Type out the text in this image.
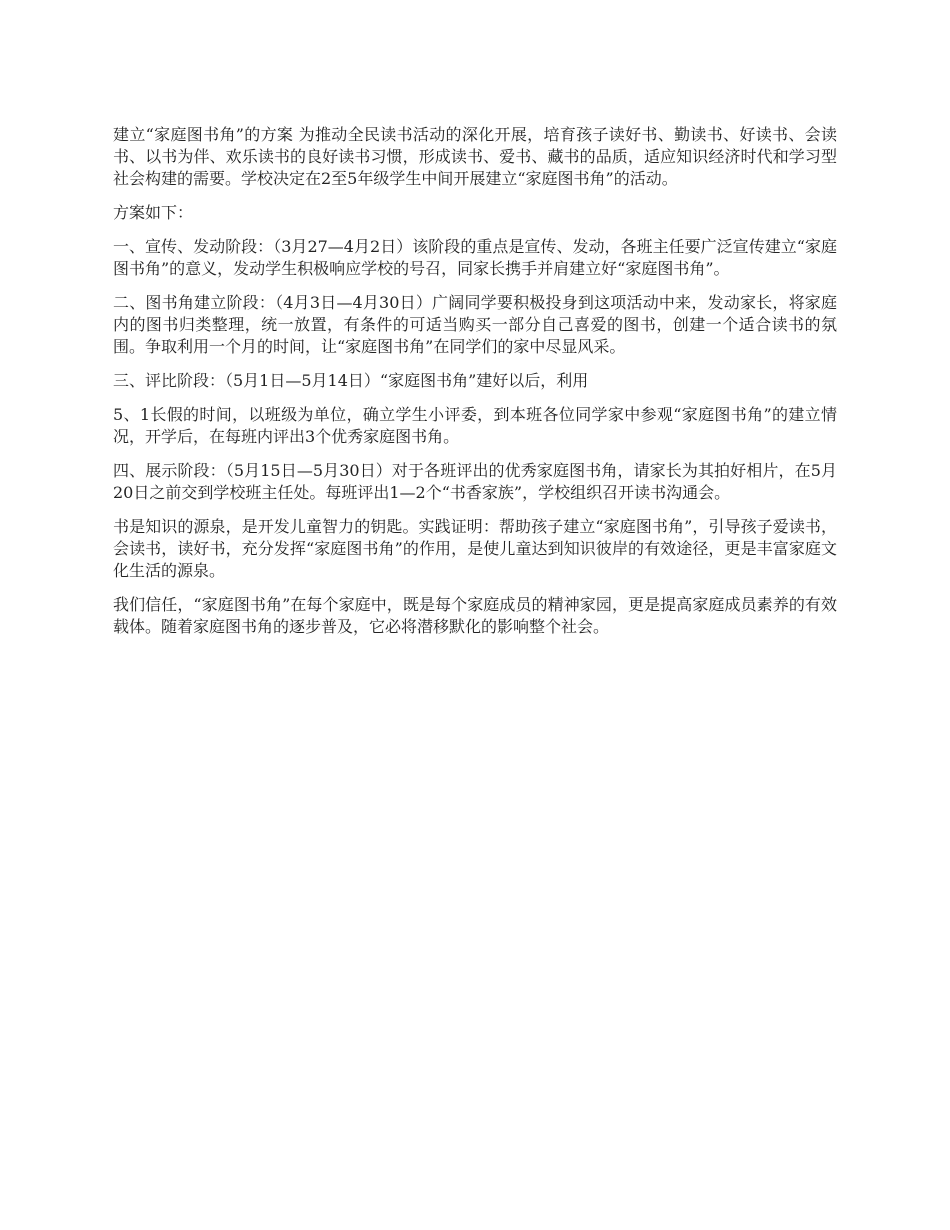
建立“家庭图书角”的方案 为推动全民读书活动的深化开展，培育孩子读好书、勤读书、好读书、会读书、以书为伴、欢乐读书的良好读书习惯，形成读书、爱书、藏书的品质，适应知识经济时代和学习型社会构建的需要。学校决定在2至5年级学生中间开展建立“家庭图书角”的活动。

方案如下：

一、宣传、发动阶段：（3月27—4月2日）该阶段的重点是宣传、发动，各班主任要广泛宣传建立“家庭图书角”的意义，发动学生积极响应学校的号召，同家长携手并肩建立好“家庭图书角”。

二、图书角建立阶段：（4月3日—4月30日）广阔同学要积极投身到这项活动中来，发动家长，将家庭内的图书归类整理，统一放置，有条件的可适当购买一部分自己喜爱的图书，创建一个适合读书的氛围。争取利用一个月的时间，让“家庭图书角”在同学们的家中尽显风采。

三、评比阶段：（5月1日—5月14日）“家庭图书角”建好以后，利用

5、1长假的时间，以班级为单位，确立学生小评委，到本班各位同学家中参观“家庭图书角”的建立情况，开学后，在每班内评出3个优秀家庭图书角。

四、展示阶段：（5月15日—5月30日）对于各班评出的优秀家庭图书角，请家长为其拍好相片，在5月20日之前交到学校班主任处。每班评出1—2个“书香家族”，学校组织召开读书沟通会。

书是知识的源泉，是开发儿童智力的钥匙。实践证明：帮助孩子建立“家庭图书角”，引导孩子爱读书，会读书，读好书，充分发挥“家庭图书角”的作用，是使儿童达到知识彼岸的有效途径，更是丰富家庭文化生活的源泉。

我们信任，“家庭图书角”在每个家庭中，既是每个家庭成员的精神家园，更是提高家庭成员素养的有效载体。随着家庭图书角的逐步普及，它必将潜移默化的影响整个社会。
